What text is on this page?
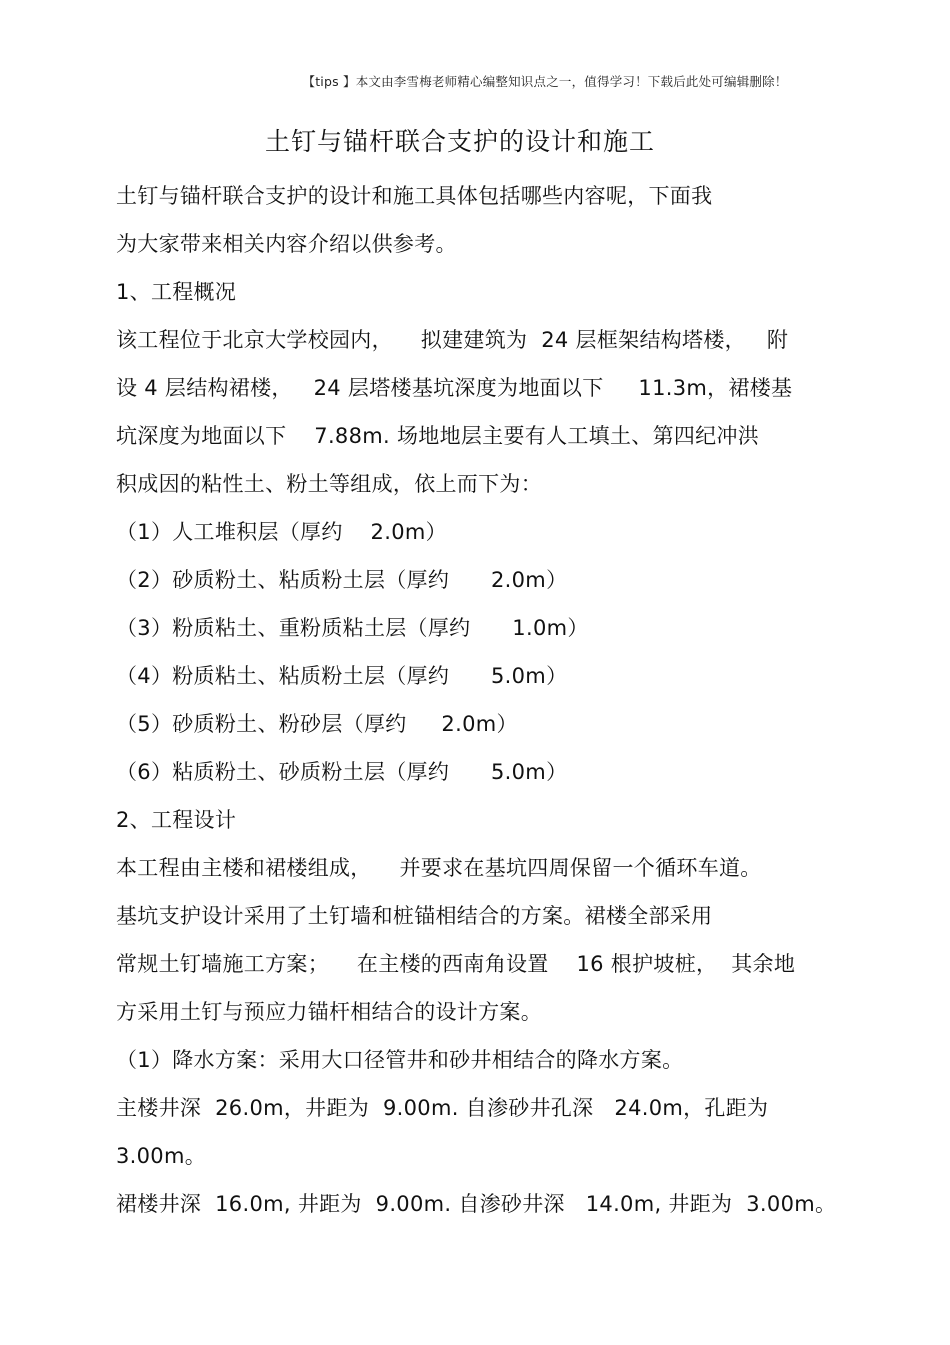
【tips 】本文由李雪梅老师精心编整知识点之一，值得学习！下载后此处可编辑删除！
土钉与锚杆联合支护的设计和施工
土钉与锚杆联合支护的设计和施工具体包括哪些内容呢，下面我
为大家带来相关内容介绍以供参考。
1、工程概况
该工程位于北京大学校园内，    拟建建筑为  24 层框架结构塔楼，   附
设 4 层结构裙楼，   24 层塔楼基坑深度为地面以下     11.3m，裙楼基
坑深度为地面以下    7.88m. 场地地层主要有人工填土、第四纪冲洪
积成因的粘性土、粉土等组成，依上而下为：
（1）人工堆积层（厚约    2.0m）
（2）砂质粉土、粘质粉土层（厚约      2.0m）
（3）粉质粘土、重粉质粘土层（厚约      1.0m）
（4）粉质粘土、粘质粉土层（厚约      5.0m）
（5）砂质粉土、粉砂层（厚约     2.0m）
（6）粘质粉土、砂质粉土层（厚约      5.0m）
2、工程设计
本工程由主楼和裙楼组成，    并要求在基坑四周保留一个循环车道。
基坑支护设计采用了土钉墙和桩锚相结合的方案。裙楼全部采用
常规土钉墙施工方案；    在主楼的西南角设置    16 根护坡桩，  其余地
方采用土钉与预应力锚杆相结合的设计方案。
（1）降水方案：采用大口径管井和砂井相结合的降水方案。
主楼井深  26.0m，井距为  9.00m. 自渗砂井孔深   24.0m，孔距为
3.00m。
裙楼井深  16.0m, 井距为  9.00m. 自渗砂井深   14.0m, 井距为  3.00m。
